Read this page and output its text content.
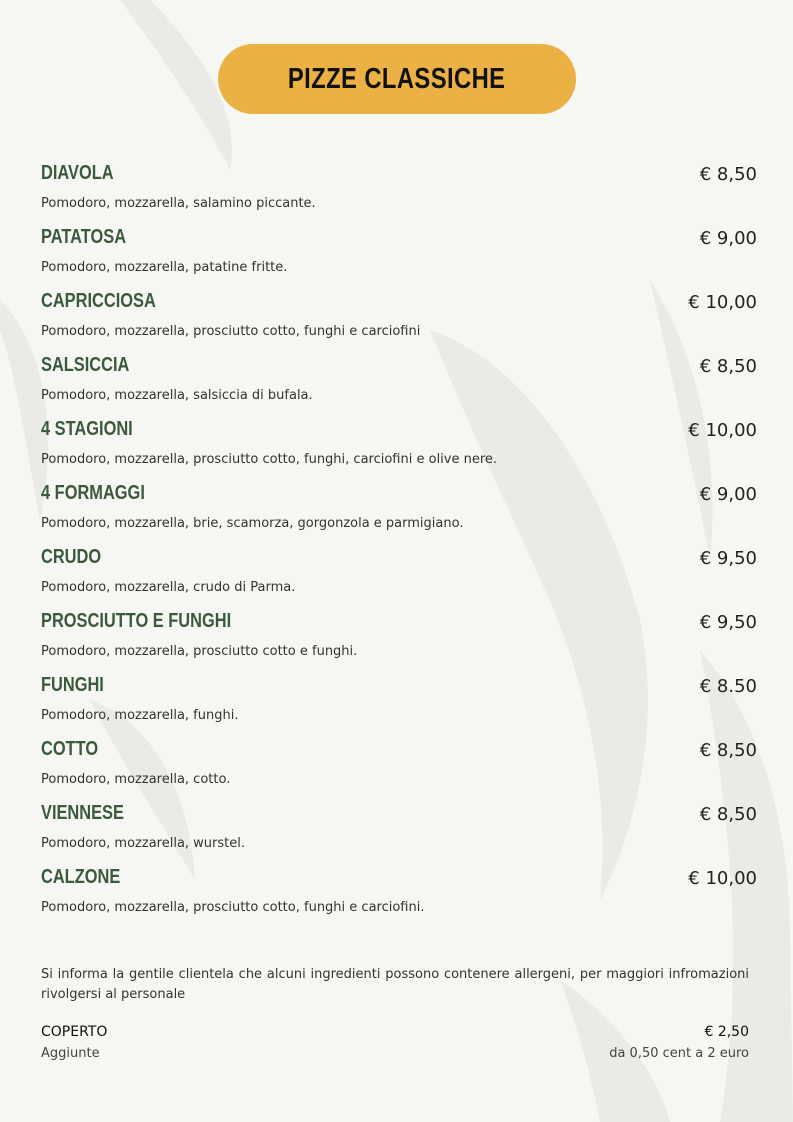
PIZZE CLASSICHE
DIAVOLA	€ 8,50
Pomodoro, mozzarella, salamino piccante.
PATATOSA	€ 9,00
Pomodoro, mozzarella, patatine fritte.
CAPRICCIOSA	€ 10,00
Pomodoro, mozzarella, prosciutto cotto, funghi e carciofini
SALSICCIA	€ 8,50
Pomodoro, mozzarella, salsiccia di bufala.
4 STAGIONI	€ 10,00
Pomodoro, mozzarella, prosciutto cotto, funghi, carciofini e olive nere.
4 FORMAGGI	€ 9,00
Pomodoro, mozzarella, brie, scamorza, gorgonzola e parmigiano.
CRUDO	€ 9,50
Pomodoro, mozzarella, crudo di Parma.
PROSCIUTTO E FUNGHI	€ 9,50
Pomodoro, mozzarella, prosciutto cotto e funghi.
FUNGHI	€ 8.50
Pomodoro, mozzarella, funghi.
COTTO	€ 8,50
Pomodoro, mozzarella, cotto.
VIENNESE	€ 8,50
Pomodoro, mozzarella, wurstel.
CALZONE	€ 10,00
Pomodoro, mozzarella, prosciutto cotto, funghi e carciofini.
Si informa la gentile clientela che alcuni ingredienti possono contenere allergeni, per maggiori infromazioni rivolgersi al personale
COPERTO	€ 2,50
Aggiunte	da 0,50 cent a 2 euro
